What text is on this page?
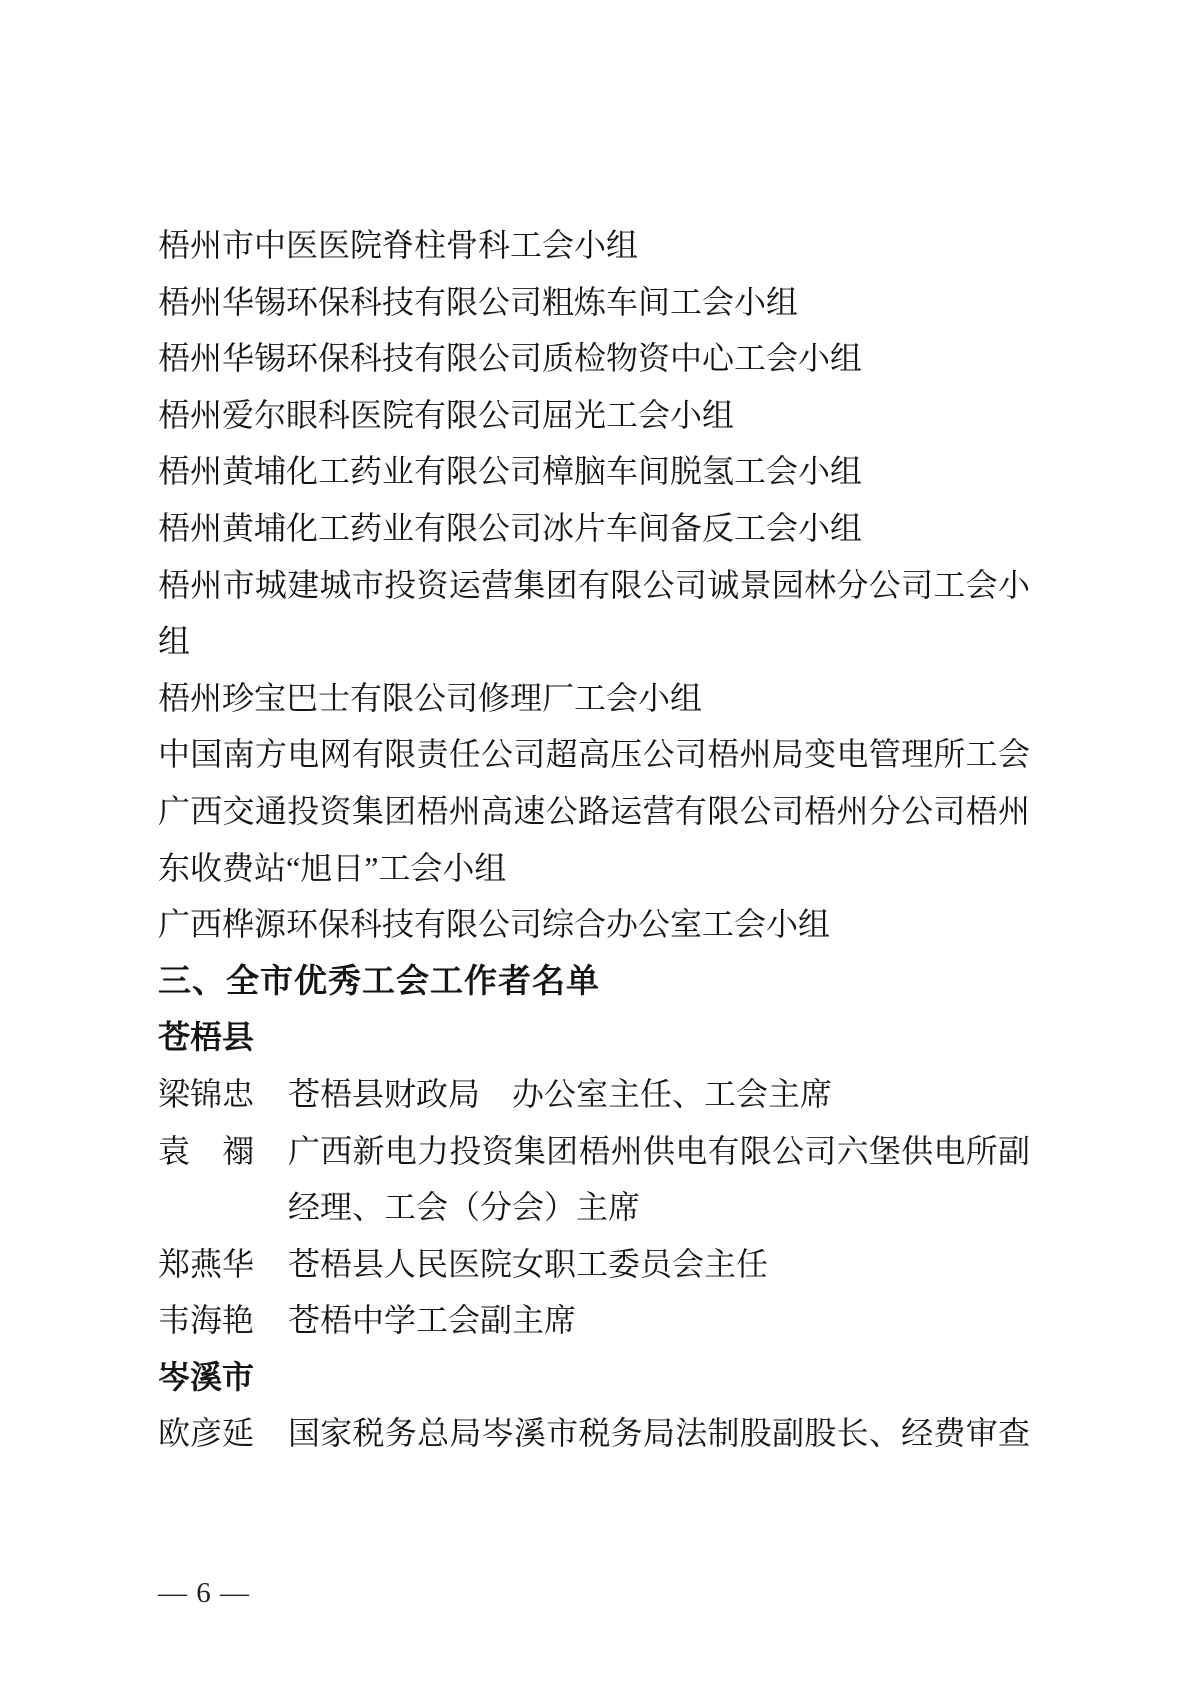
梧州市中医医院脊柱骨科工会小组
梧州华锡环保科技有限公司粗炼车间工会小组
梧州华锡环保科技有限公司质检物资中心工会小组
梧州爱尔眼科医院有限公司屈光工会小组
梧州黄埔化工药业有限公司樟脑车间脱氢工会小组
梧州黄埔化工药业有限公司冰片车间备反工会小组
梧州市城建城市投资运营集团有限公司诚景园林分公司工会小
组
梧州珍宝巴士有限公司修理厂工会小组
中国南方电网有限责任公司超高压公司梧州局变电管理所工会
广西交通投资集团梧州高速公路运营有限公司梧州分公司梧州
东收费站“旭日”工会小组
广西桦源环保科技有限公司综合办公室工会小组
三、全市优秀工会工作者名单
苍梧县
梁锦忠 苍梧县财政局　办公室主任、工会主席
袁　禤 广西新电力投资集团梧州供电有限公司六堡供电所副
经理、工会（分会）主席
郑燕华 苍梧县人民医院女职工委员会主任
韦海艳 苍梧中学工会副主席
岑溪市
欧彦延 国家税务总局岑溪市税务局法制股副股长、经费审查
— 6 —
